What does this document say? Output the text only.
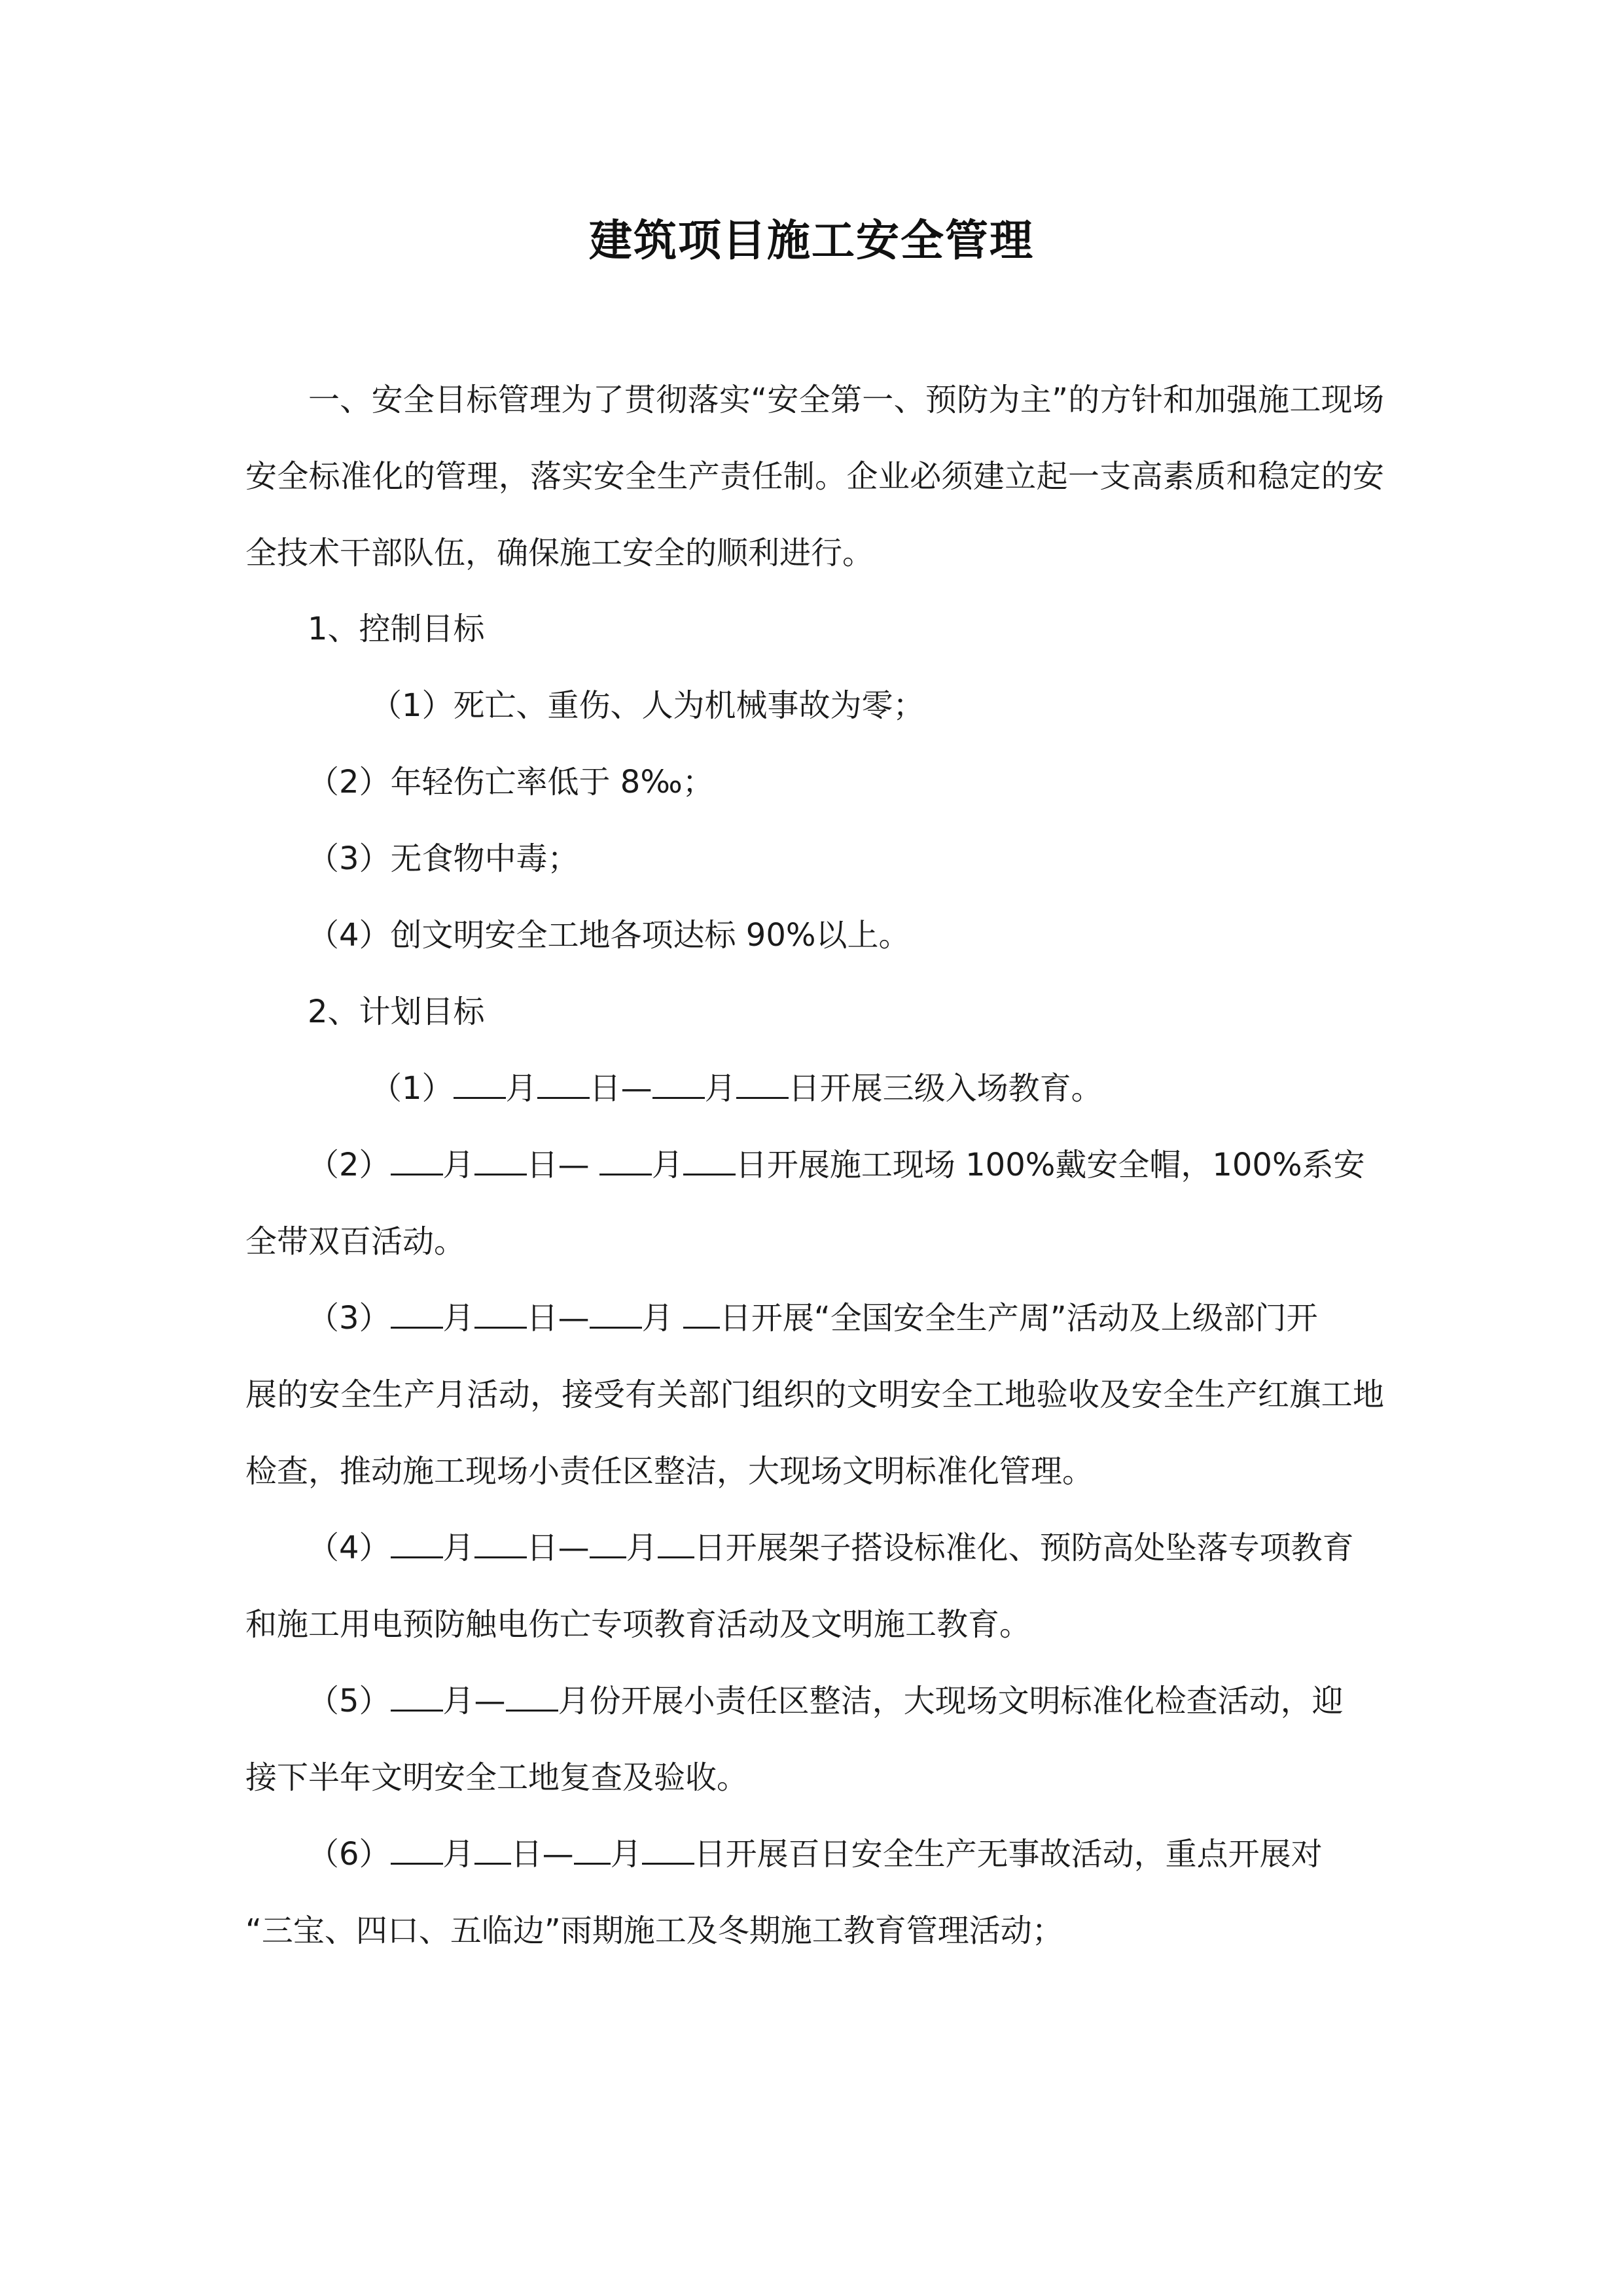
建筑项目施工安全管理

一、安全目标管理为了贯彻落实“安全第一、预防为主”的方针和加强施工现场安全标准化的管理，落实安全生产责任制。企业必须建立起一支高素质和稳定的安全技术干部队伍，确保施工安全的顺利进行。

1、控制目标
（1）死亡、重伤、人为机械事故为零；
（2）年轻伤亡率低于 8‰；
（3）无食物中毒；
（4）创文明安全工地各项达标 90%以上。
2、计划目标
（1） 月 日— 月 日开展三级入场教育。
（2） 月 日— 月 日开展施工现场 100%戴安全帽，100%系安
全带双百活动。
（3） 月 日— 月 日开展“全国安全生产周”活动及上级部门开

展的安全生产月活动，接受有关部门组织的文明安全工地验收及安全生产红旗工地检查，推动施工现场小责任区整洁，大现场文明标准化管理。

（4） 月 日— 月 日开展架子搭设标准化、预防高处坠落专项教育
和施工用电预防触电伤亡专项教育活动及文明施工教育。
（5） 月— 月份开展小责任区整洁，大现场文明标准化检查活动，迎
接下半年文明安全工地复查及验收。
（6） 月 日— 月 日开展百日安全生产无事故活动，重点开展对
“三宝、四口、五临边”雨期施工及冬期施工教育管理活动；
